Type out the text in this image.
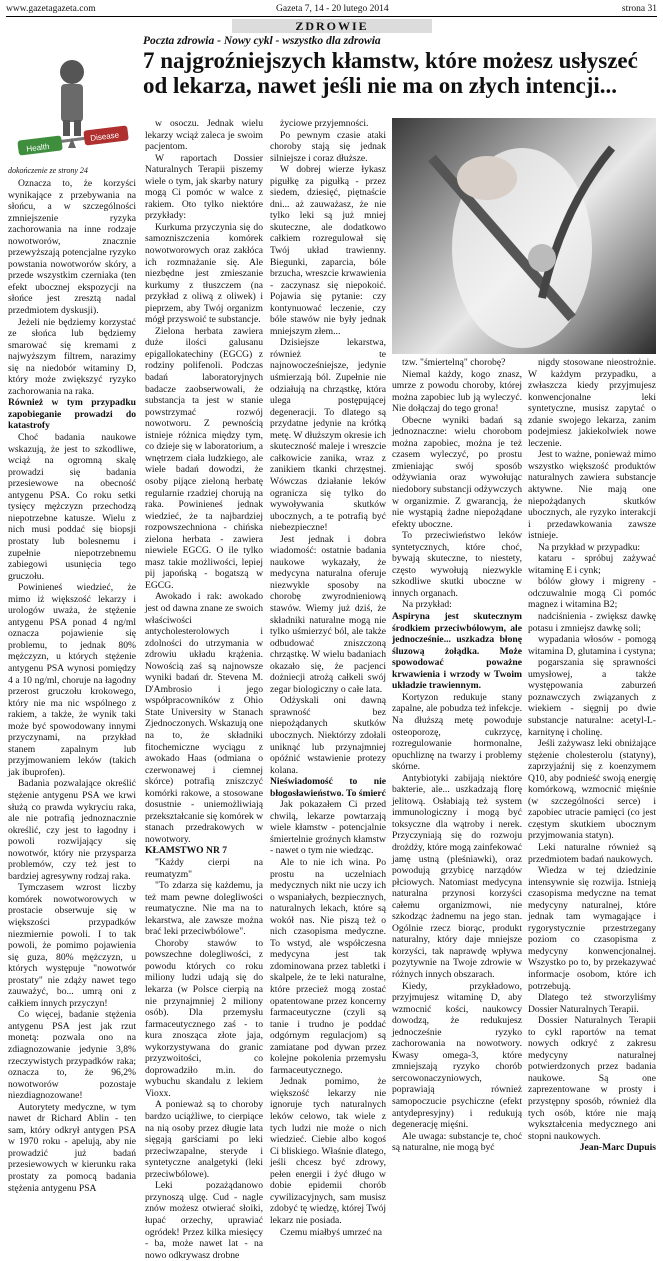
www.gazetagazeta.com	Gazeta 7, 14 - 20 lutego 2014	strona 31
ZDROWIE
Poczta zdrowia - Nowy cykl - wszystko dla zdrowia
7 najgroźniejszych kłamstw, które możesz usłyszeć od lekarza, nawet jeśli nie ma on złych intencji...
Health
Disease
dokończenie ze strony 24

Oznacza to, że korzyści wynikające z przebywania na słońcu, a w szczególności zmniejszenie ryzyka zachorowania na inne rodzaje nowotworów, znacznie przewyższają potencjalne ryzyko powstania nowotworów skóry, a przede wszystkim czerniaka (ten efekt ubocznej ekspozycji na słońce jest zresztą nadal przedmiotem dyskusji).

Jeżeli nie będziemy korzystać ze słońca lub będziemy smarować się kremami z najwyższym filtrem, narazimy się na niedobór witaminy D, który może zwiększyć ryzyko zachorowania na raka.

Również w tym przypadku zapobieganie prowadzi do katastrofy

Choć badania naukowe wskazują, że jest to szkodliwe, wciąż na ogromną skalę prowadzi się badania przesiewowe na obecność antygenu PSA. Co roku setki tysięcy mężczyzn przechodzą niepotrzebne katusze. Wielu z nich musi poddać się biopsji prostaty lub bolesnemu i zupełnie niepotrzebnemu zabiegowi usunięcia tego gruczołu.

Powinieneś wiedzieć, że mimo iż większość lekarzy i urologów uważa, że stężenie antygenu PSA ponad 4 ng/ml oznacza pojawienie się problemu, to jednak 80% mężczyzn, u których stężenie antygenu PSA wynosi pomiędzy 4 a 10 ng/ml, choruje na łagodny przerost gruczołu krokowego, który nie ma nic wspólnego z rakiem, a także, że wynik taki może być spowodowany innymi przyczynami, na przykład stanem zapalnym lub przyjmowaniem leków (takich jak ibuprofen).

Badania pozwalające określić stężenie antygenu PSA we krwi służą co prawda wykryciu raka, ale nie potrafią jednoznacznie określić, czy jest to łagodny i powoli rozwijający się nowotwór, który nie przysparza problemów, czy też jest to bardziej agresywny rodzaj raka.

Tymczasem wzrost liczby komórek nowotworowych w prostacie obserwuje się w większości przypadków niezmiernie powoli. I to tak powoli, że pomimo pojawienia się guza, 80% mężczyzn, u których występuje "nowotwór prostaty" nie zdąży nawet tego zauważyć, bo... umrą oni z całkiem innych przyczyn!

Co więcej, badanie stężenia antygenu PSA jest jak rzut monetą: pozwala ono na zdiagnozowanie jedynie 3,8% rzeczywistych przypadków raka; oznacza to, że 96,2% nowotworów pozostaje niezdiagnozowane!

Autorytety medyczne, w tym nawet dr Richard Ablin - ten sam, który odkrył antygen PSA w 1970 roku - apelują, aby nie prowadzić już badań przesiewowych w kierunku raka prostaty za pomocą badania stężenia antygenu PSA

w osoczu. Jednak wielu lekarzy wciąż zaleca je swoim pacjentom.

W raportach Dossier Naturalnych Terapii piszemy wiele o tym, jak skarby natury mogą Ci pomóc w walce z rakiem. Oto tylko niektóre przykłady:

Kurkuma przyczynia się do samozniszczenia komórek nowotworowych oraz zakłóca ich rozmnażanie się. Ale niezbędne jest zmieszanie kurkumy z tłuszczem (na przykład z oliwą z oliwek) i pieprzem, aby Twój organizm mógł przyswoić te substancje.

Zielona herbata zawiera duże ilości galusanu epigallokatechiny (EGCG) z rodziny polifenoli. Podczas badań laboratoryjnych badacze zaobserwowali, że substancja ta jest w stanie powstrzymać rozwój nowotworu. Z pewnością istnieje różnica między tym, co dzieje się w laboratorium, a wnętrzem ciała ludzkiego, ale wiele badań dowodzi, że osoby pijące zieloną herbatę regularnie rzadziej chorują na raka. Powinieneś jednak wiedzieć, że ta najbardziej rozpowszechniona - chińska zielona herbata - zawiera niewiele EGCG. O ile tylko masz takie możliwości, lepiej pij japońską - bogatszą w EGCG.

Awokado i rak: awokado jest od dawna znane ze swoich właściwości antycholesterolowych i zdolności do utrzymania w zdrowiu układu krążenia. Nowością zaś są najnowsze wyniki badań dr. Stevena M. D'Ambrosio i jego współpracowników z Ohio State University w Stanach Zjednoczonych. Wskazują one na to, że składniki fitochemiczne wyciągu z awokado Haas (odmiana o czerwonawej i ciemnej skórce) potrafią zniszczyć komórki rakowe, a stosowane dosustnie - uniemożliwiają przekształcanie się komórek w stanach przedrakowych w nowotwory.

KŁAMSTWO NR 7

"Każdy cierpi na reumatyzm"

"To zdarza się każdemu, ja też mam pewne dolegliwości reumatyczne. Nie ma na to lekarstwa, ale zawsze można brać leki przeciwbólowe".

Choroby stawów to powszechne dolegliwości, z powodu których co roku miliony ludzi udają się do lekarza (w Polsce cierpią na nie przynajmniej 2 miliony osób). Dla przemysłu farmaceutycznego zaś - to kura znosząca złote jaja, wykorzystywana do granic przyzwoitości, co doprowadziło m.in. do wybuchu skandalu z lekiem Vioxx.

A ponieważ są to choroby bardzo uciążliwe, to cierpiące na nią osoby przez długie lata sięgają garściami po leki przeciwzapalne, steryde i syntetyczne analgetyki (leki przeciwbólowe).

Leki pozażądanowo przynoszą ulgę. Cud - nagle znów możesz otwierać słoiki, łupać orzechy, uprawiać ogródek! Przez kilka miesięcy - ba, może nawet lat - na nowo odkrywasz drobne

życiowe przyjemności.

Po pewnym czasie ataki choroby stają się jednak silniejsze i coraz dłuższe.

W dobrej wierze łykasz pigułkę za pigułką - przez siedem, dziesięć, piętnaście dni... aż zauważasz, że nie tylko leki są już mniej skuteczne, ale dodatkowo całkiem rozregulował się Twój układ trawienny. Biegunki, zaparcia, bóle brzucha, wreszcie krwawienia - zaczynasz się niepokoić. Pojawia się pytanie: czy kontynuować leczenie, czy bóle stawów nie były jednak mniejszym złem...

Dzisiejsze lekarstwa, również te najnowocześniejsze, jedynie uśmierzają ból. Zupełnie nie odziałują na chrząstkę, która ulega postępującej degeneracji. To dlatego są przydatne jedynie na krótką metę. W dłuższym okresie ich skuteczność maleje i wreszcie całkowicie zanika, wraz z zanikiem tkanki chrzęstnej. Wówczas działanie leków ogranicza się tylko do wywoływania skutków ubocznych, a te potrafią być niebezpieczne!

Jest jednak i dobra wiadomość: ostatnie badania naukowe wykazały, że medycyna naturalna oferuje niezwykle sposoby na chorobę zwyrodnieniową stawów. Wiemy już dziś, że składniki naturalne mogą nie tylko uśmierzyć ból, ale także odbudować zniszczoną chrząstkę. W wielu badaniach okazało się, że pacjenci dożniecji atrożą całkeli swój zegar biologiczny o całe lata.

Odżyskali oni dawną sprawność bez niepożądanych skutków ubocznych. Niektórzy zdołali uniknąć lub przynajmniej opóźnić wstawienie protezy kolana.

Nieświadomość to nie błogosławieństwo. To śmierć

Jak pokazałem Ci przed chwilą, lekarze powtarzają wiele kłamstw - potencjalnie śmiertelnie groźnych kłamstw - nawet o tym nie wiedząc.

Ale to nie ich wina. Po prostu na uczelniach medycznych nikt nie uczy ich o wspaniałych, bezpiecznych, naturalnych lekach, które są wokół nas. Nie piszą też o nich czasopisma medyczne. To wstyd, ale współczesna medycyna jest tak zdominowana przez tabletki i skalpele, że te leki naturalne, które przecież mogą zostać opatentowane przez koncerny farmaceutyczne (czyli są tanie i trudno je poddać odgórnym regulacjom) są zamiatane pod dywan przez kolejne pokolenia przemysłu farmaceutycznego.

Jednak pomimo, że większość lekarzy nie ignoruje tych naturalnych leków celowo, tak wiele z tych ludzi nie może o nich wiedzieć. Ciebie albo kogoś Ci bliskiego. Właśnie dlatego, jeśli chcesz być zdrowy, pełen energii i żyć długo w dobie epidemii chorób cywilizacyjnych, sam musisz zdobyć tę wiedzę, której Twój lekarz nie posiada.

Czemu miałbyś umrzeć na

tzw. "śmiertelną" chorobę?

Niemal każdy, kogo znasz, umrze z powodu choroby, której można zapobiec lub ją wyleczyć. Nie dołączaj do tego grona!

Obecne wyniki badań są jednoznaczne: wielu chorobom można zapobiec, można je też czasem wyleczyć, po prostu zmieniając swój sposób odżywiania oraz wywołując niedobory substancji odżywczych w organizmie. Z gwarancją, że nie wystąpią żadne niepożądane efekty uboczne.

To przeciwieństwo leków syntetycznych, które choć, bywają skuteczne, to niestety, często wywołują niezwykle szkodliwe skutki uboczne w innych organach.

Na przykład:

Aspiryna jest skutecznym środkiem przeciwbólowym, ale jednocześnie... uszkadza błonę śluzową żołądka. Może spowodować poważne krwawienia i wrzody w Twoim układzie trawiennym.

Kortyzon redukuje stany zapalne, ale pobudza też infekcje. Na dłuższą metę powoduje osteoporozę, cukrzycę, rozregulowanie hormonalne, opuchliznę na twarzy i problemy skórne.

Antybiotyki zabijają niektóre bakterie, ale... uszkadzają florę jelitową. Osłabiają też system immunologiczny i mogą być toksyczne dla wątroby i nerek. Przyczyniają się do rozwoju drożdży, które mogą zainfekować jamę ustną (pleśniawki), oraz powodują grzybicę narządów płciowych. Natomiast medycyna naturalna przynosi korzyści całemu organizmowi, nie szkodząc żadnemu na jego stan. Ogólnie rzecz biorąc, produkt naturalny, który daje mniejsze korzyści, tak naprawdę wpływa pozytywnie na Twoje zdrowie w różnych innych obszarach.

Kiedy, przykładowo, przyjmujesz witaminę D, aby wzmocnić kości, naukowcy dowodzą, że redukujesz jednocześnie ryzyko zachorowania na nowotwory. Kwasy omega-3, które zmniejszają ryzyko chorób sercowonaczyniowych, poprawiają również samopoczucie psychiczne (efekt antydepresyjny) i redukują degenerację mięśni.

Ale uwaga: substancje te, choć są naturalne, nie mogą być

nigdy stosowane nieostrożnie. W każdym przypadku, a zwłaszcza kiedy przyjmujesz konwencjonalne leki syntetyczne, musisz zapytać o zdanie swojego lekarza, zanim podejmiesz jakiekolwiek nowe leczenie.

Jest to ważne, ponieważ mimo wszystko większość produktów naturalnych zawiera substancje aktywne. Nie mają one niepożądanych skutków ubocznych, ale ryzyko interakcji i przedawkowania zawsze istnieje.

Na przykład w przypadku:

kataru - spróbuj zażywać witaminę E i cynk;

bólów głowy i migreny - odczuwalnie mogą Ci pomóc magnez i witamina B2;

nadciśnienia - zwiększ dawkę potasu i zmniejsz dawkę soli;

wypadania włosów - pomogą witamina D, glutamina i cystyna;

pogarszania się sprawności umysłowej, a także występowania zaburzeń poznawczych związanych z wiekiem - sięgnij po dwie substancje naturalne: acetyl-L-karnitynę i cholinę.

Jeśli zażywasz leki obniżające stężenie cholesterolu (statyny), zaprzyjaźnij się z koenzymem Q10, aby podnieść swoją energię komórkową, wzmocnić mięśnie (w szczególności serce) i zapobiec utracie pamięci (co jest częstym skutkiem ubocznym przyjmowania statyn).

Leki naturalne również są przedmiotem badań naukowych.

Wiedza w tej dziedzinie intensywnie się rozwija. Istnieją czasopisma medyczne na temat medycyny naturalnej, które jednak tam wymagające i rygorystycznie przestrzegany poziom co czasopisma z medycyny konwencjonalnej. Wszystko po to, by przekazywać informacje osobom, które ich potrzebują.

Dlatego też stworzyliśmy Dossier Naturalnych Terapii.

Dossier Naturalnych Terapii to cykl raportów na temat nowych odkryć z zakresu medycyny naturalnej potwierdzonych przez badania naukowe. Są one zaprezentowane w prosty i przystępny sposób, również dla tych osób, które nie mają wykształcenia medycznego ani stopni naukowych.

Jean-Marc Dupuis
